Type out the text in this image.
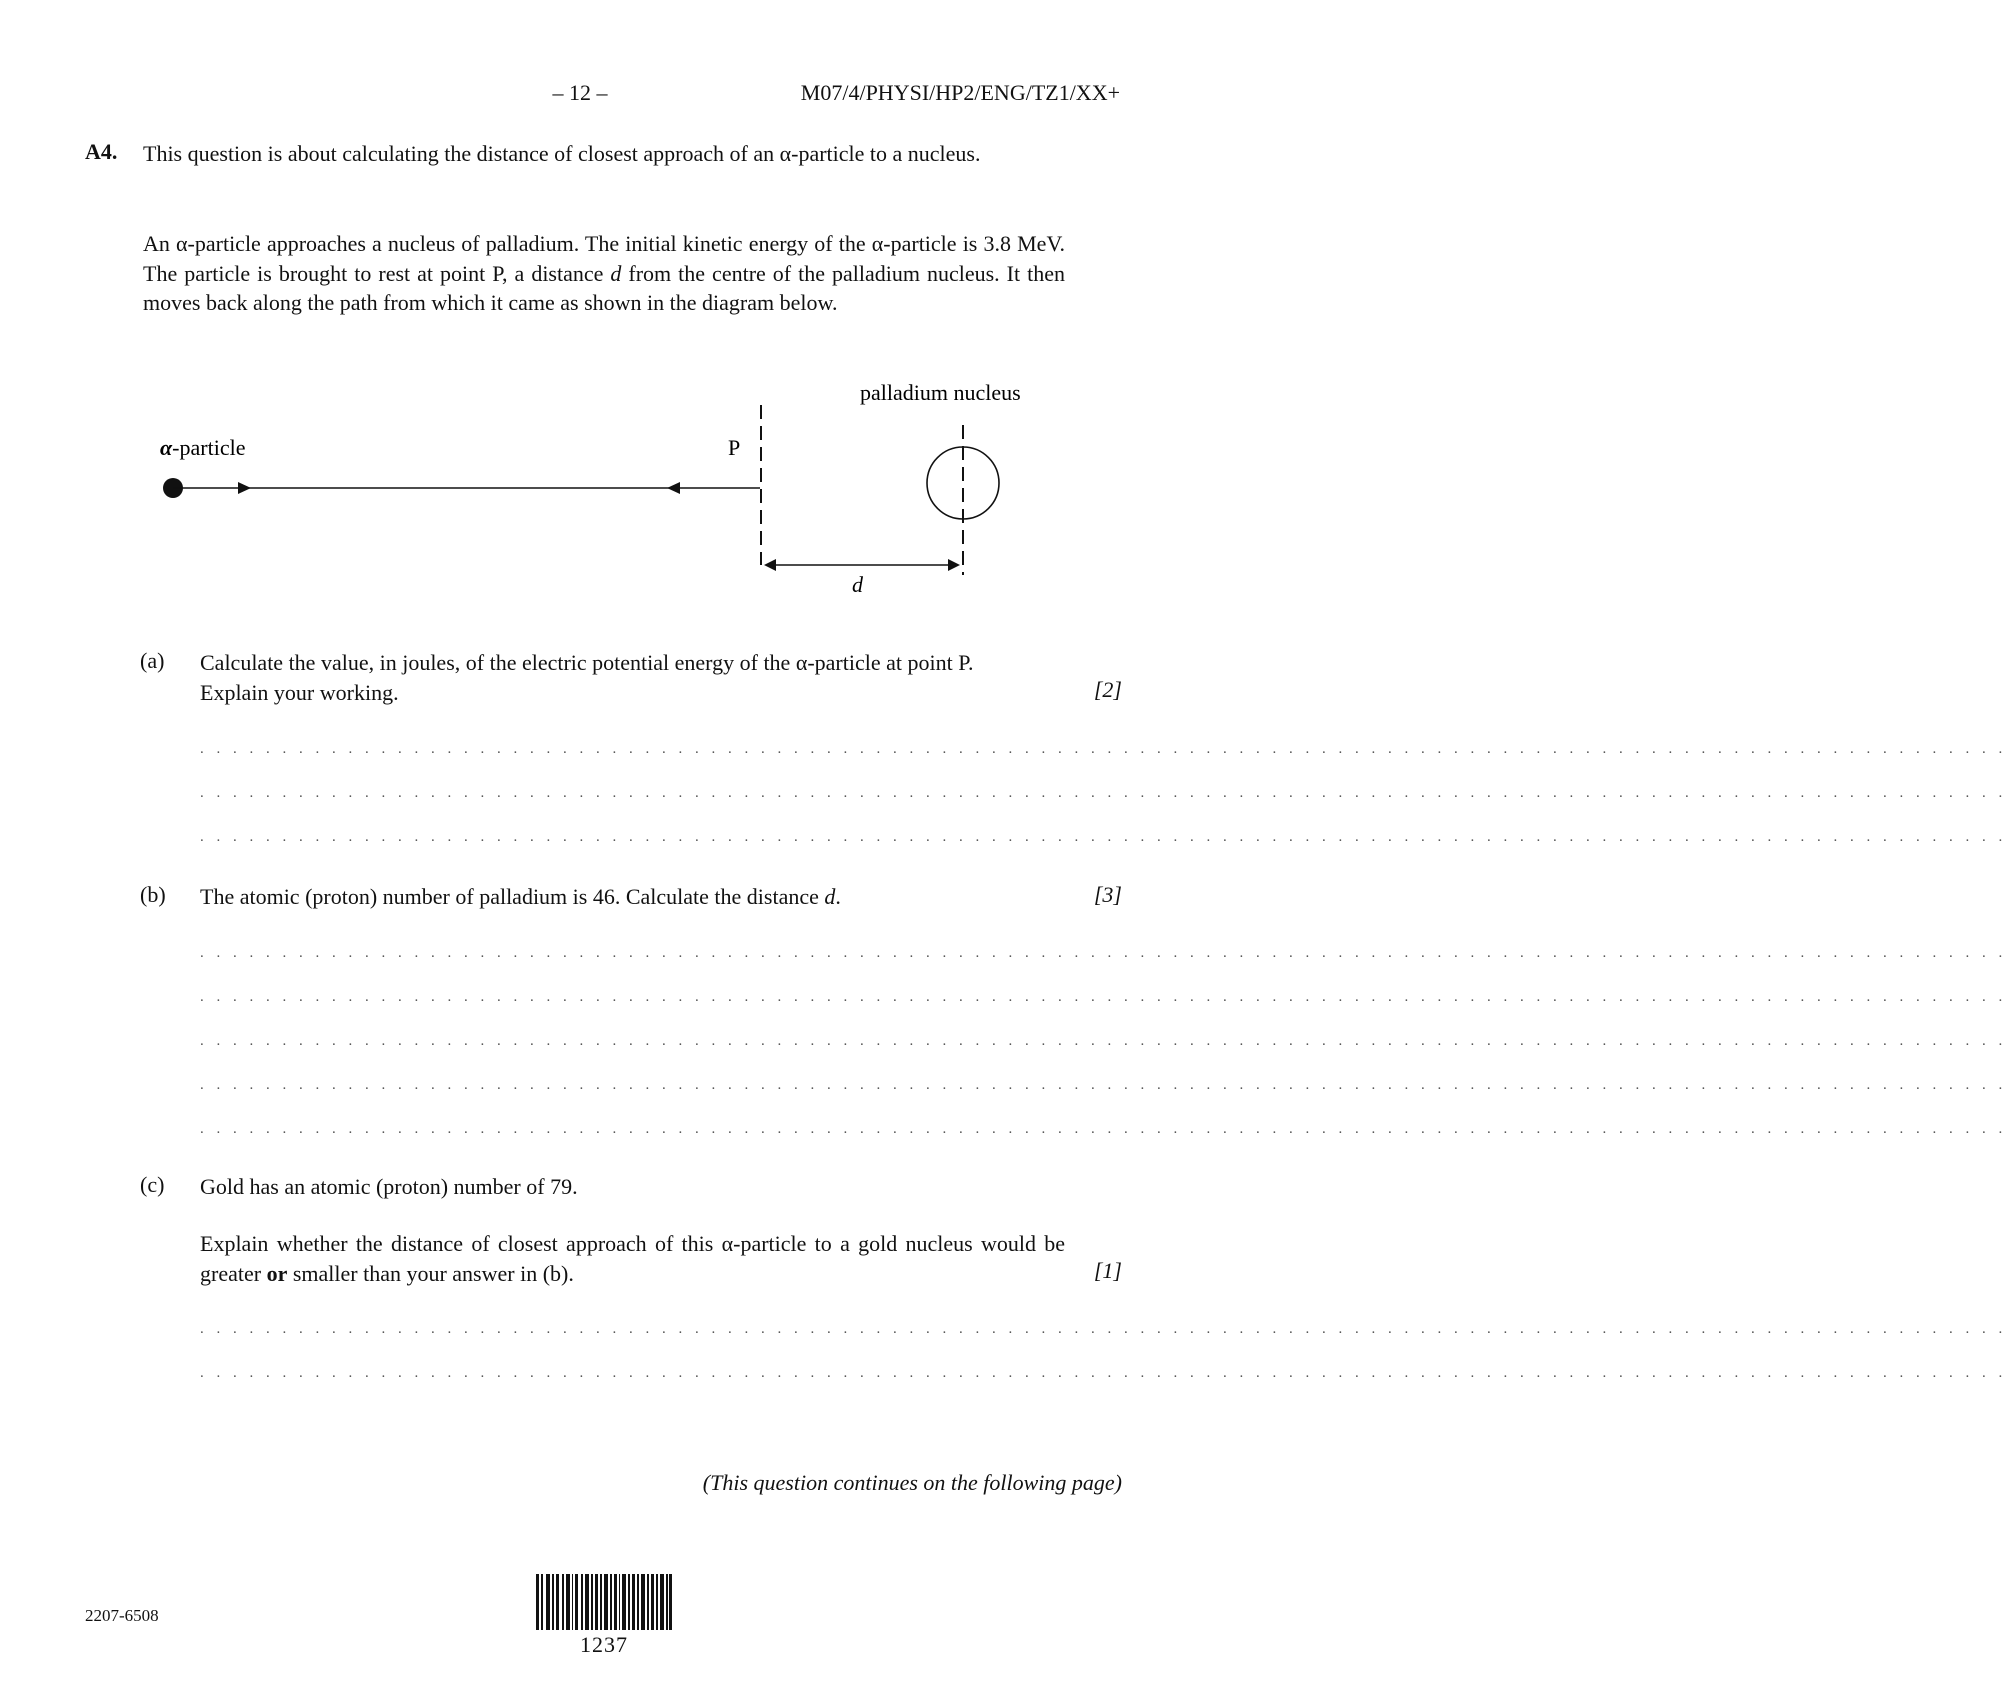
– 12 –	M07/4/PHYSI/HP2/ENG/TZ1/XX+
A4. This question is about calculating the distance of closest approach of an α-particle to a nucleus.
An α-particle approaches a nucleus of palladium. The initial kinetic energy of the α-particle is 3.8 MeV. The particle is brought to rest at point P, a distance d from the centre of the palladium nucleus. It then moves back along the path from which it came as shown in the diagram below.
α-particle	P
palladium nucleus
d
(a) Calculate the value, in joules, of the electric potential energy of the α-particle at point P.
Explain your working.	[2]
. . . . . . . . . . . . . . . . . . . . . . . . . . . . . . . . . . . . . . . . . . . . . . . . . . . . . . . . . . . . . . . . . . . . . . . . . . . . . . . . . . . . . . . . . . . . . . . . . . . . . . . . . . . . . .
. . . . . . . . . . . . . . . . . . . . . . . . . . . . . . . . . . . . . . . . . . . . . . . . . . . . . . . . . . . . . . . . . . . . . . . . . . . . . . . . . . . . . . . . . . . . . . . . . . . . . . . . . . . . . .
. . . . . . . . . . . . . . . . . . . . . . . . . . . . . . . . . . . . . . . . . . . . . . . . . . . . . . . . . . . . . . . . . . . . . . . . . . . . . . . . . . . . . . . . . . . . . . . . . . . . . . . . . . . . . .
(b) The atomic (proton) number of palladium is 46. Calculate the distance d.	[3]
. . . . . . . . . . . . . . . . . . . . . . . . . . . . . . . . . . . . . . . . . . . . . . . . . . . . . . . . . . . . . . . . . . . . . . . . . . . . . . . . . . . . . . . . . . . . . . . . . . . . . . . . . . . . . .
. . . . . . . . . . . . . . . . . . . . . . . . . . . . . . . . . . . . . . . . . . . . . . . . . . . . . . . . . . . . . . . . . . . . . . . . . . . . . . . . . . . . . . . . . . . . . . . . . . . . . . . . . . . . . .
. . . . . . . . . . . . . . . . . . . . . . . . . . . . . . . . . . . . . . . . . . . . . . . . . . . . . . . . . . . . . . . . . . . . . . . . . . . . . . . . . . . . . . . . . . . . . . . . . . . . . . . . . . . . . .
. . . . . . . . . . . . . . . . . . . . . . . . . . . . . . . . . . . . . . . . . . . . . . . . . . . . . . . . . . . . . . . . . . . . . . . . . . . . . . . . . . . . . . . . . . . . . . . . . . . . . . . . . . . . . .
. . . . . . . . . . . . . . . . . . . . . . . . . . . . . . . . . . . . . . . . . . . . . . . . . . . . . . . . . . . . . . . . . . . . . . . . . . . . . . . . . . . . . . . . . . . . . . . . . . . . . . . . . . . . . .
(c) Gold has an atomic (proton) number of 79.
Explain whether the distance of closest approach of this α-particle to a gold nucleus would be greater or smaller than your answer in (b).	[1]
. . . . . . . . . . . . . . . . . . . . . . . . . . . . . . . . . . . . . . . . . . . . . . . . . . . . . . . . . . . . . . . . . . . . . . . . . . . . . . . . . . . . . . . . . . . . . . . . . . . . . . . . . . . . . .
. . . . . . . . . . . . . . . . . . . . . . . . . . . . . . . . . . . . . . . . . . . . . . . . . . . . . . . . . . . . . . . . . . . . . . . . . . . . . . . . . . . . . . . . . . . . . . . . . . . . . . . . . . . . . .
(This question continues on the following page)
2207-6508
1237
